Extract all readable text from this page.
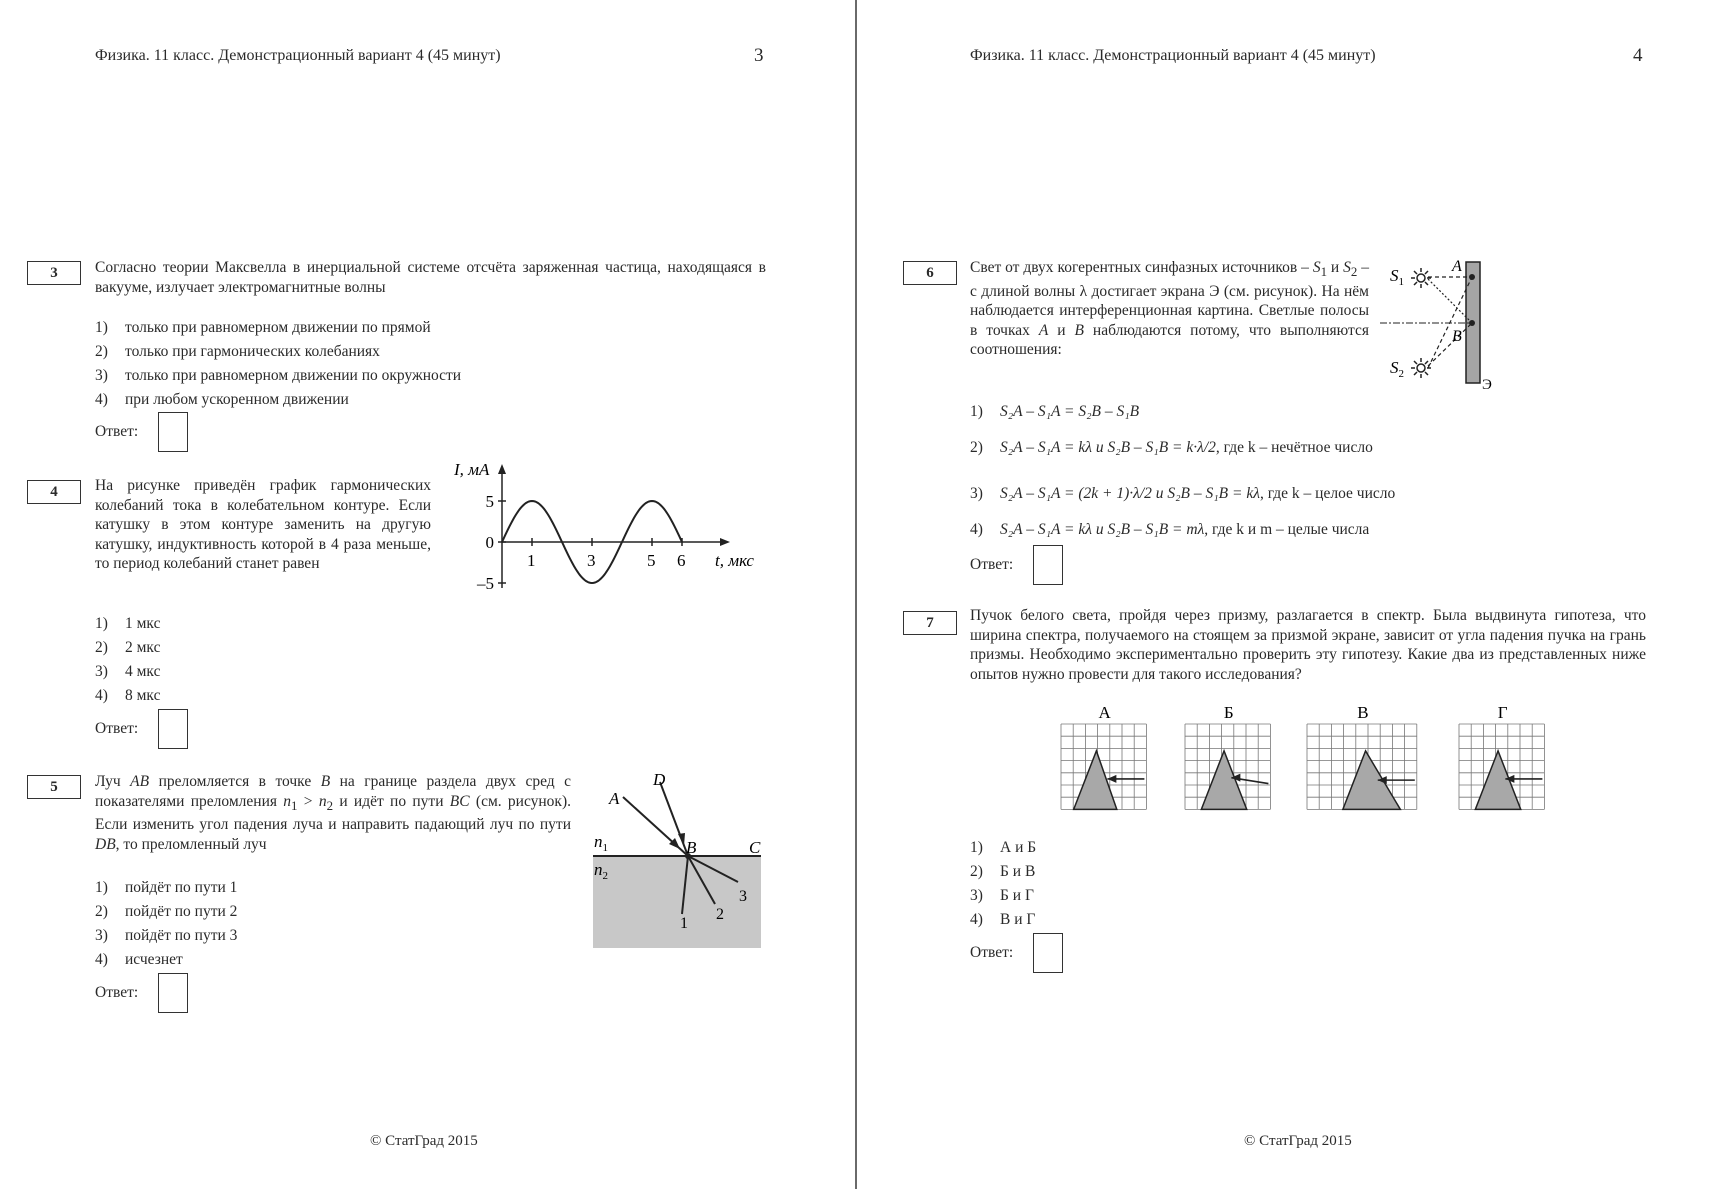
Физика. 11 класс. Демонстрационный вариант 4 (45 минут)	3
3	Согласно теории Максвелла в инерциальной системе отсчёта заряженная частица, находящаяся в вакууме, излучает электромагнитные волны
1) только при равномерном движении по прямой
2) только при гармонических колебаниях
3) только при равномерном движении по окружности
4) при любом ускоренном движении
Ответ:
4	На рисунке приведён график гармонических колебаний тока в колебательном контуре. Если катушку в этом контуре заменить на другую катушку, индуктивность которой в 4 раза меньше, то период колебаний станет равен
I, мА
t, мкс
1	3	5 6
5
0
–5
1) 1 мкс
2) 2 мкс
3) 4 мкс
4) 8 мкс
Ответ:
5	Луч AB преломляется в точке B на границе раздела двух сред с показателями преломления $n_1 > n_2$ и идёт по пути BC (см. рисунок). Если изменить угол падения луча и направить падающий луч по пути DB, то преломленный луч
A
D
B	C
1
2
3
$n_1$
$n_2$
1) пойдёт по пути 1
2) пойдёт по пути 2
3) пойдёт по пути 3
4) исчезнет
Ответ:
© СтатГрад 2015
Физика. 11 класс. Демонстрационный вариант 4 (45 минут)	4
6	Свет от двух когерентных синфазных источников – $S_1$ и $S_2$ – с длиной волны λ достигает экрана Э (см. рисунок). На нём наблюдается интерференционная картина. Светлые полосы в точках A и B наблюдаются потому, что выполняются соотношения:
$S_1$
$S_2$
A
B
Э
1) S₂A – S₁A = S₂B – S₁B
2) S₂A – S₁A = kλ и S₂B – S₁B = k·λ/2, где k – нечётное число
3) S₂A – S₁A = (2k + 1)·λ/2 и S₂B – S₁B = kλ, где k – целое число
4) S₂A – S₁A = kλ и S₂B – S₁B = mλ, где k и m – целые числа
Ответ:
7	Пучок белого света, пройдя через призму, разлагается в спектр. Была выдвинута гипотеза, что ширина спектра, получаемого на стоящем за призмой экране, зависит от угла падения пучка на грань призмы. Необходимо экспериментально проверить эту гипотезу. Какие два из представленных ниже опытов нужно провести для такого исследования?
А	Б	В	Г
1) А и Б
2) Б и В
3) Б и Г
4) В и Г
Ответ:
© СтатГрад 2015
